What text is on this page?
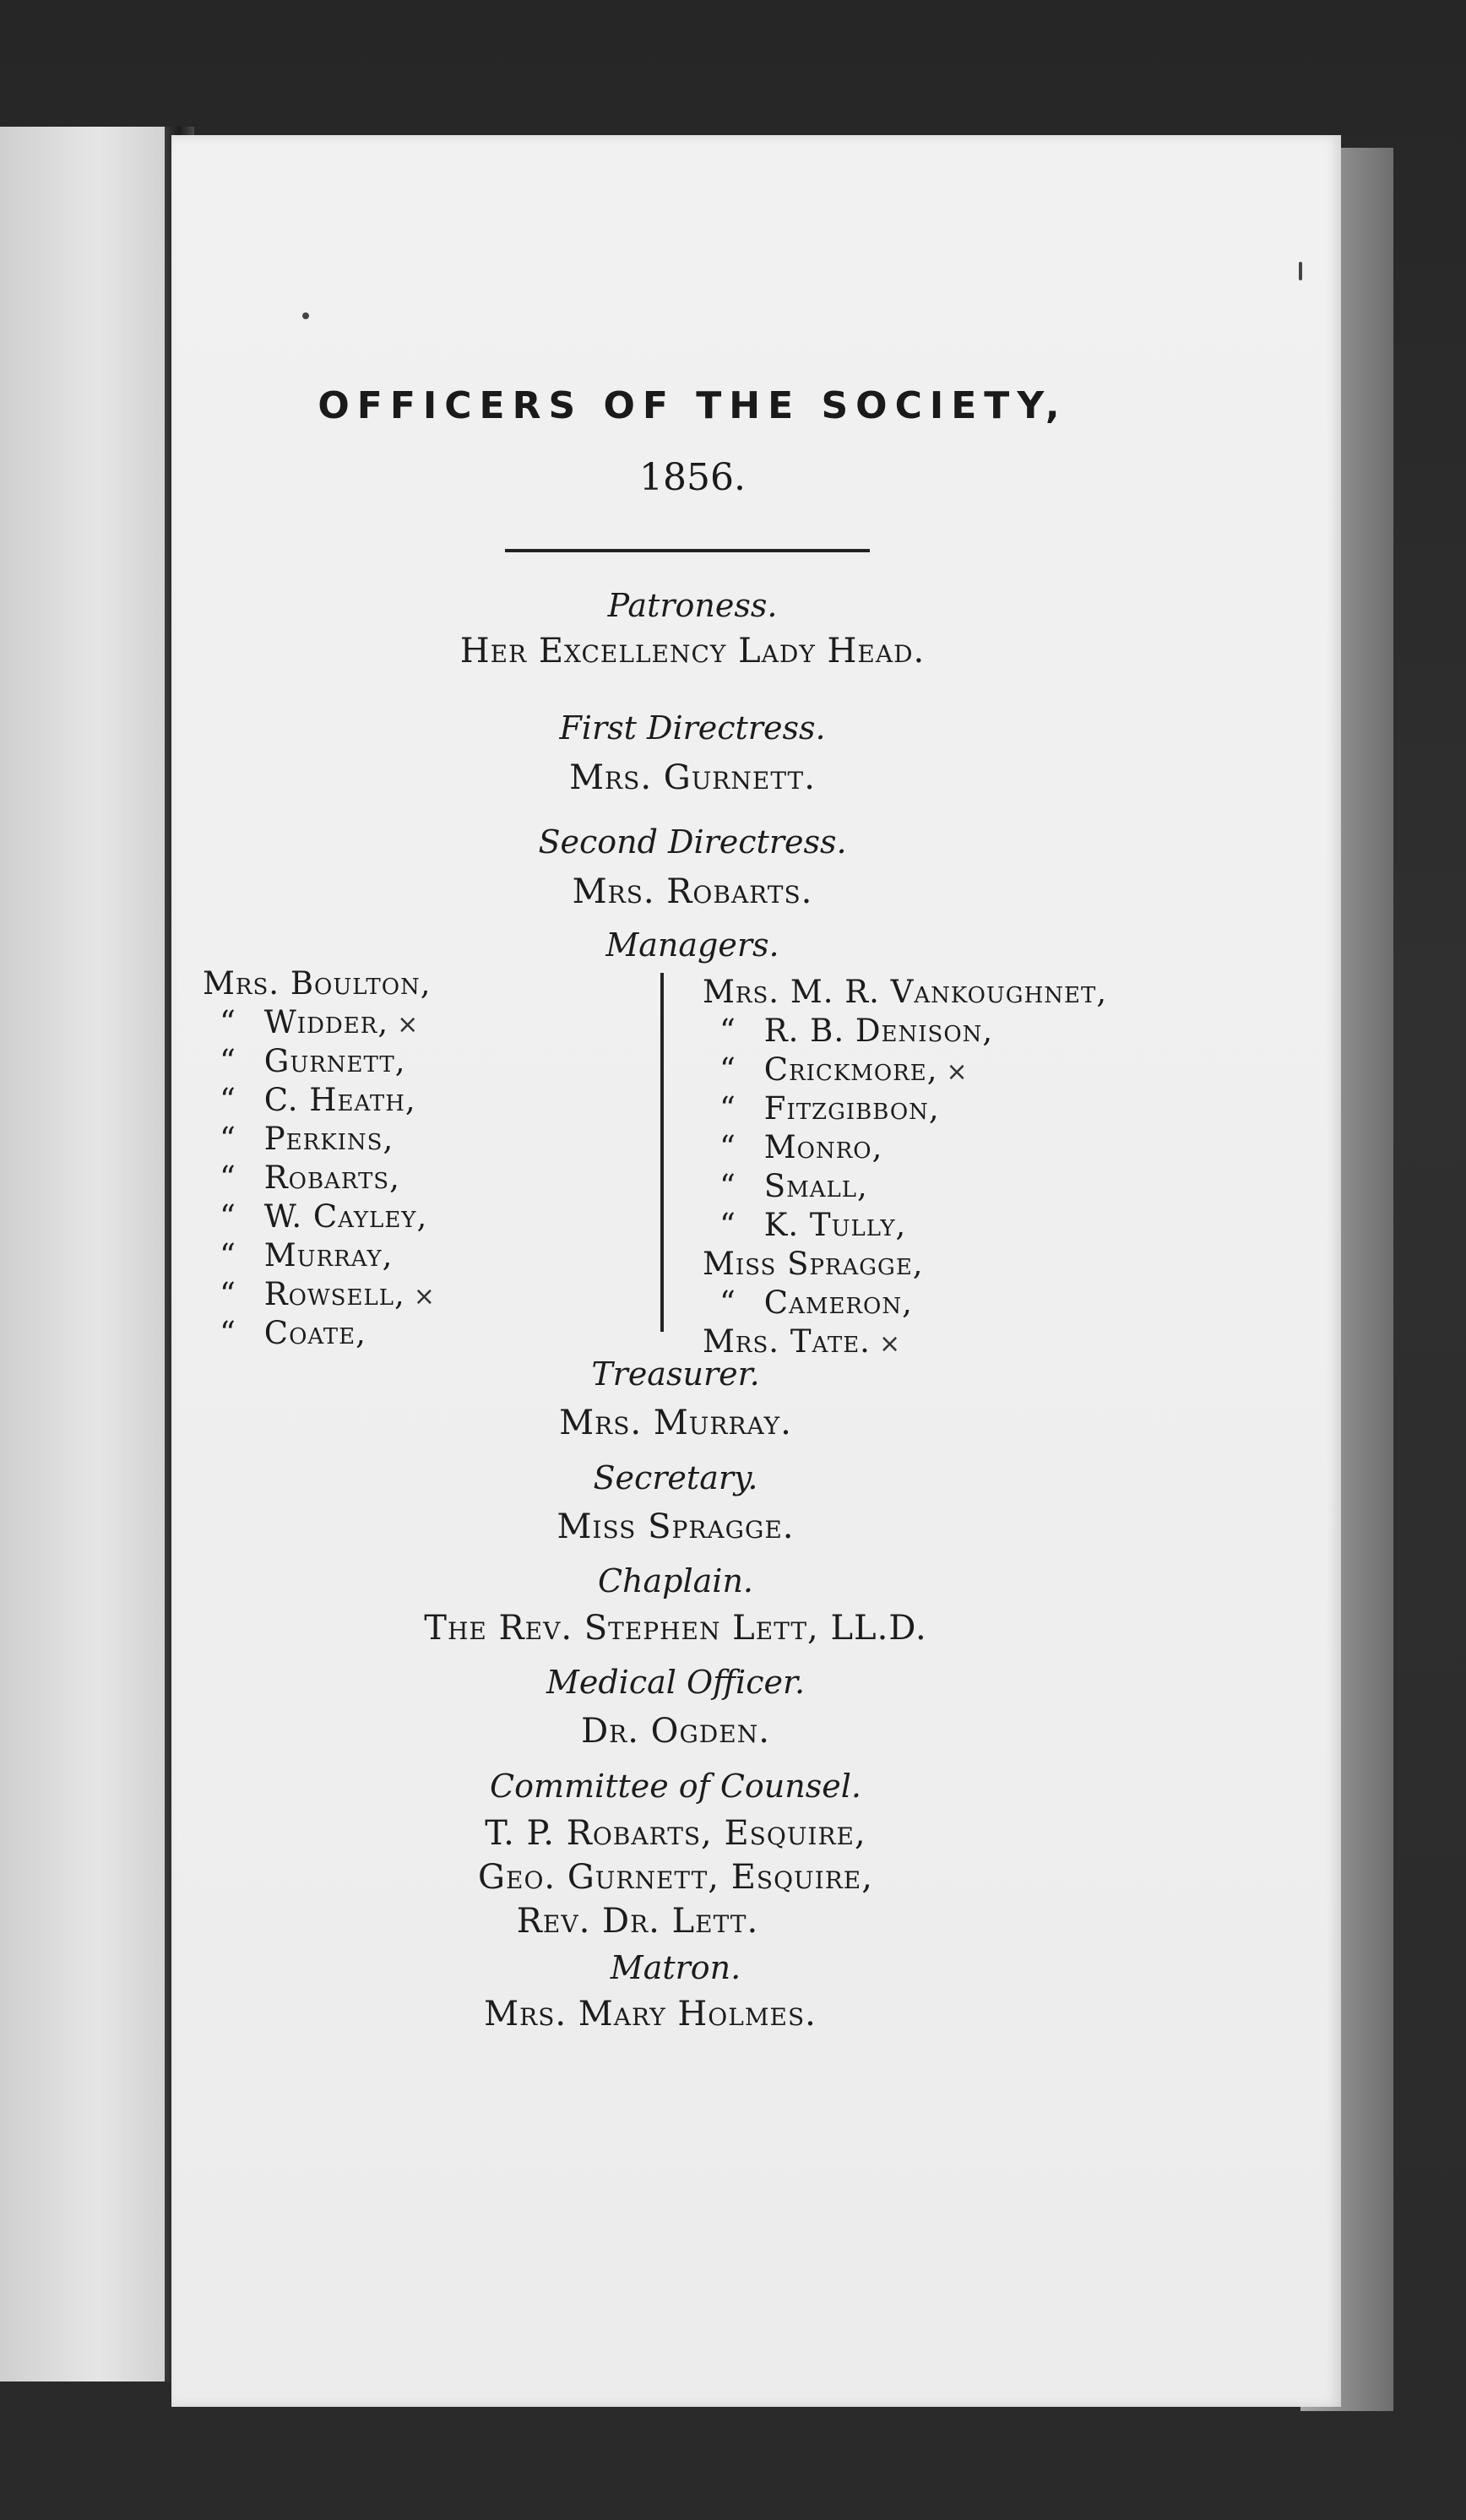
OFFICERS OF THE SOCIETY,
1856.
Patroness.
Her Excellency Lady Head.
First Directress.
Mrs. Gurnett.
Second Directress.
Mrs. Robarts.
Managers.
Mrs. Boulton,
“ Widder, ×
“ Gurnett,
“ C. Heath,
“ Perkins,
“ Robarts,
“ W. Cayley,
“ Murray,
“ Rowsell, ×
“ Coate,
Mrs. M. R. Vankoughnet,
“ R. B. Denison,
“ Crickmore, ×
“ Fitzgibbon,
“ Monro,
“ Small,
“ K. Tully,
Miss Spragge,
“ Cameron,
Mrs. Tate. ×
Treasurer.
Mrs. Murray.
Secretary.
Miss Spragge.
Chaplain.
The Rev. Stephen Lett, LL.D.
Medical Officer.
Dr. Ogden.
Committee of Counsel.
T. P. Robarts, Esquire,
Geo. Gurnett, Esquire,
Rev. Dr. Lett.
Matron.
Mrs. Mary Holmes.
